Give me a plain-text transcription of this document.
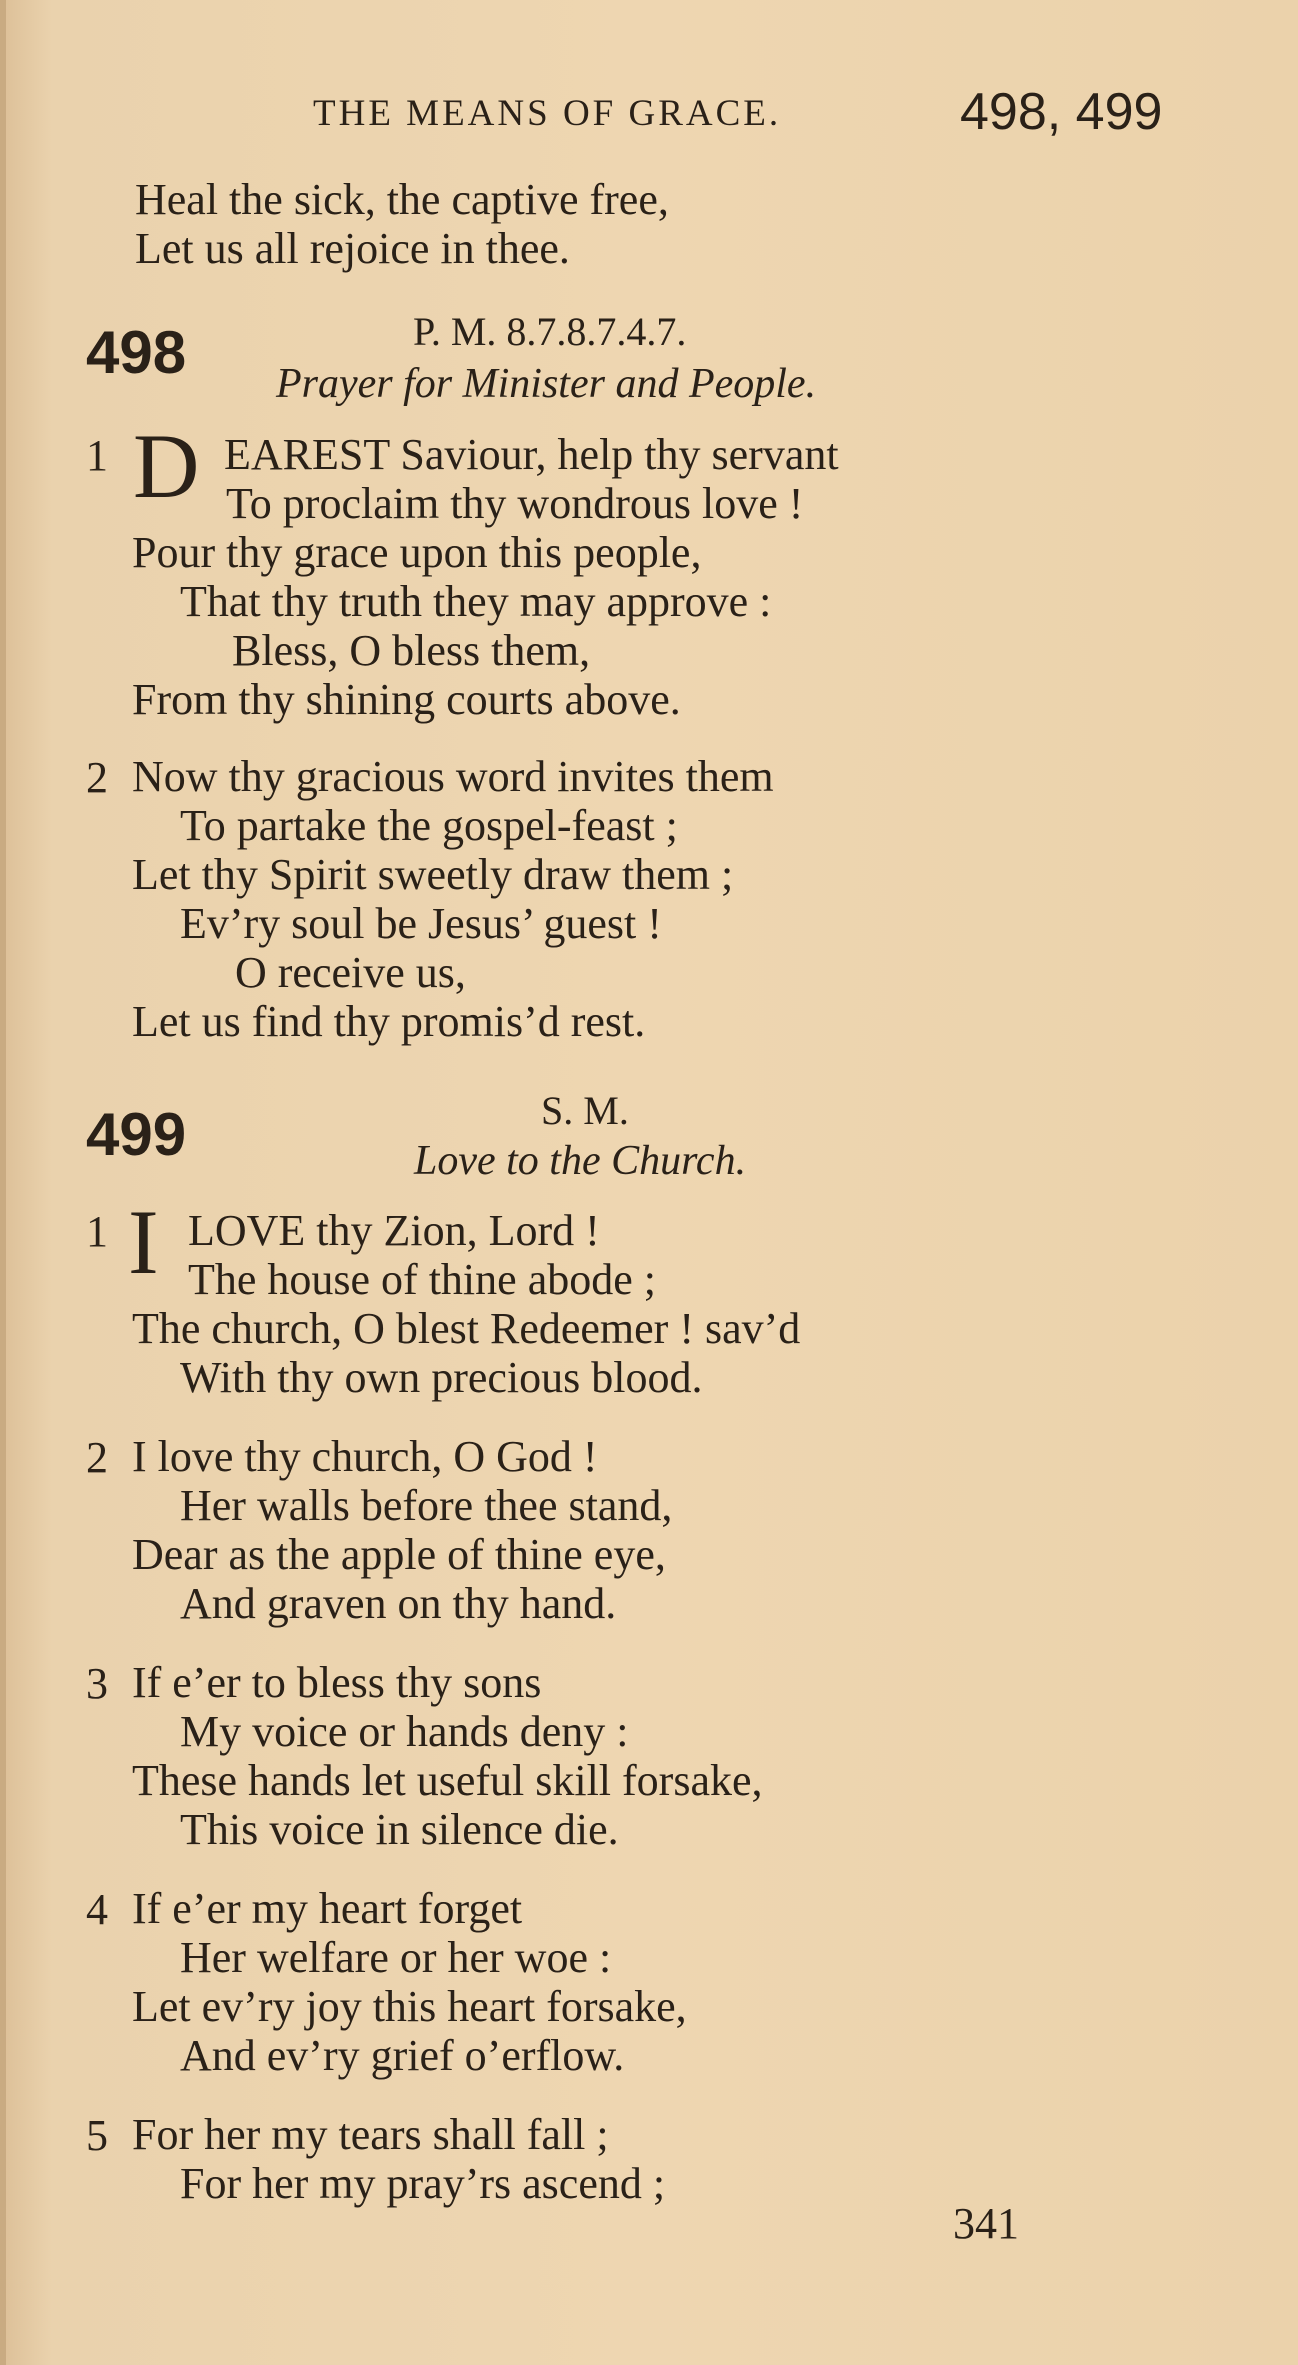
THE MEANS OF GRACE.	498, 499
Heal the sick, the captive free,
Let us all rejoice in thee.
498	P. M. 8.7.8.7.4.7.
Prayer for Minister and People.
1 D EAREST Saviour, help thy servant
To proclaim thy wondrous love !
Pour thy grace upon this people,
That thy truth they may approve :
Bless, O bless them,
From thy shining courts above.
2 Now thy gracious word invites them
To partake the gospel-feast ;
Let thy Spirit sweetly draw them ;
Ev’ry soul be Jesus’ guest !
O receive us,
Let us find thy promis’d rest.
499	S. M.
Love to the Church.
1 I LOVE thy Zion, Lord !
The house of thine abode ;
The church, O blest Redeemer ! sav’d
With thy own precious blood.
2 I love thy church, O God !
Her walls before thee stand,
Dear as the apple of thine eye,
And graven on thy hand.
3 If e’er to bless thy sons
My voice or hands deny :
These hands let useful skill forsake,
This voice in silence die.
4 If e’er my heart forget
Her welfare or her woe :
Let ev’ry joy this heart forsake,
And ev’ry grief o’erflow.
5 For her my tears shall fall ;
For her my pray’rs ascend ;
341
